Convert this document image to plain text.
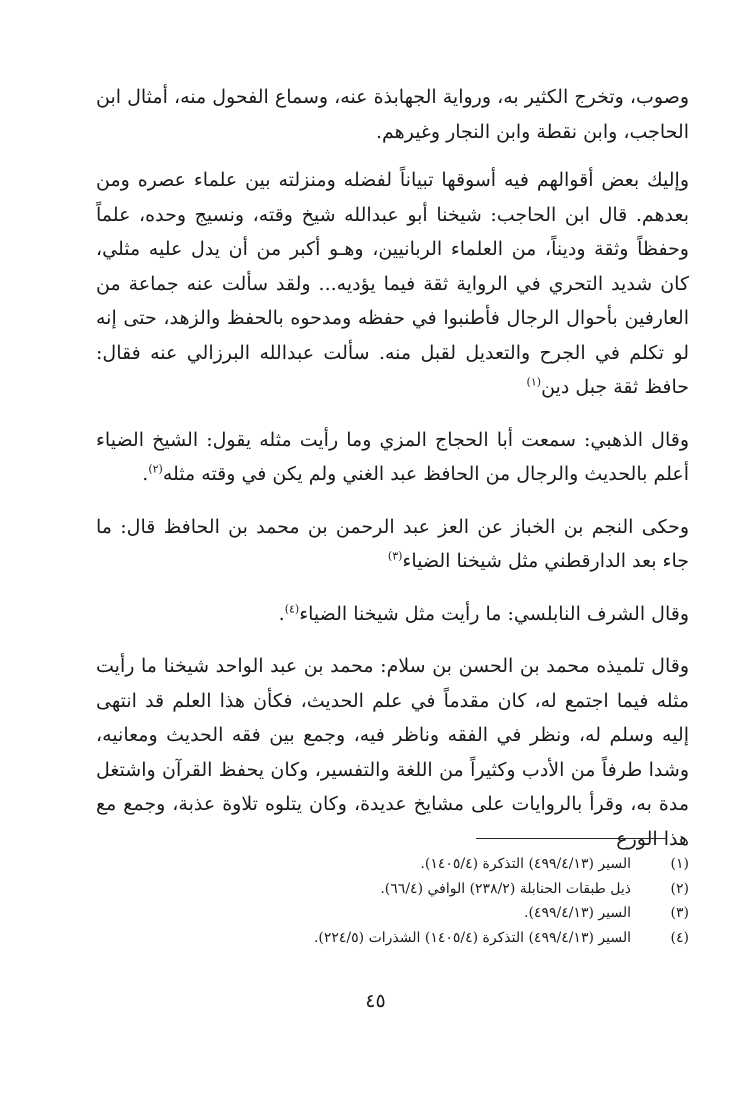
وصوب، وتخرج الكثير به، ورواية الجهابذة عنه، وسماع الفحول منه، أمثال ابن الحاجب، وابن نقطة وابن النجار وغيرهم.

وإليك بعض أقوالهم فيه أسوقها تبياناً لفضله ومنزلته بين علماء عصره ومن بعدهم. قال ابن الحاجب: شيخنا أبو عبدالله شيخ وقته، ونسيج وحده، علماً وحفظاً وثقة وديناً، من العلماء الربانيين، وهـو أكبر من أن يدل عليه مثلي، كان شديد التحري في الرواية ثقة فيما يؤديه... ولقد سألت عنه جماعة من العارفين بأحوال الرجال فأطنبوا في حفظه ومدحوه بالحفظ والزهد، حتى إنه لو تكلم في الجرح والتعديل لقبل منه. سألت عبدالله البرزالي عنه فقال: حافظ ثقة جبل دين$^{(١)}$

وقال الذهبي: سمعت أبا الحجاج المزي وما رأيت مثله يقول: الشيخ الضياء أعلم بالحديث والرجال من الحافظ عبد الغني ولم يكن في وقته مثله$^{(٢)}$.

وحكى النجم بن الخباز عن العز عبد الرحمن بن محمد بن الحافظ قال: ما جاء بعد الدارقطني مثل شيخنا الضياء$^{(٣)}$

وقال الشرف النابلسي: ما رأيت مثل شيخنا الضياء$^{(٤)}$.

وقال تلميذه محمد بن الحسن بن سلام: محمد بن عبد الواحد شيخنا ما رأيت مثله فيما اجتمع له، كان مقدماً في علم الحديث، فكأن هذا العلم قد انتهى إليه وسلم له، ونظر في الفقه وناظر فيه، وجمع بين فقه الحديث ومعانيه، وشدا طرفاً من الأدب وكثيراً من اللغة والتفسير، وكان يحفظ القرآن واشتغل مدة به، وقرأ بالروايات على مشايخ عديدة، وكان يتلوه تلاوة عذبة، وجمع مع هذا الورع

(١)
السير (٤٩٩/٤/١٣) التذكرة (١٤٠٥/٤).
(٢)
ذيل طبقات الحنابلة (٢٣٨/٢) الوافي (٦٦/٤).
(٣)
السير (٤٩٩/٤/١٣).
(٤)
السير (٤٩٩/٤/١٣) التذكرة (١٤٠٥/٤) الشذرات (٢٢٤/٥).
٤٥
